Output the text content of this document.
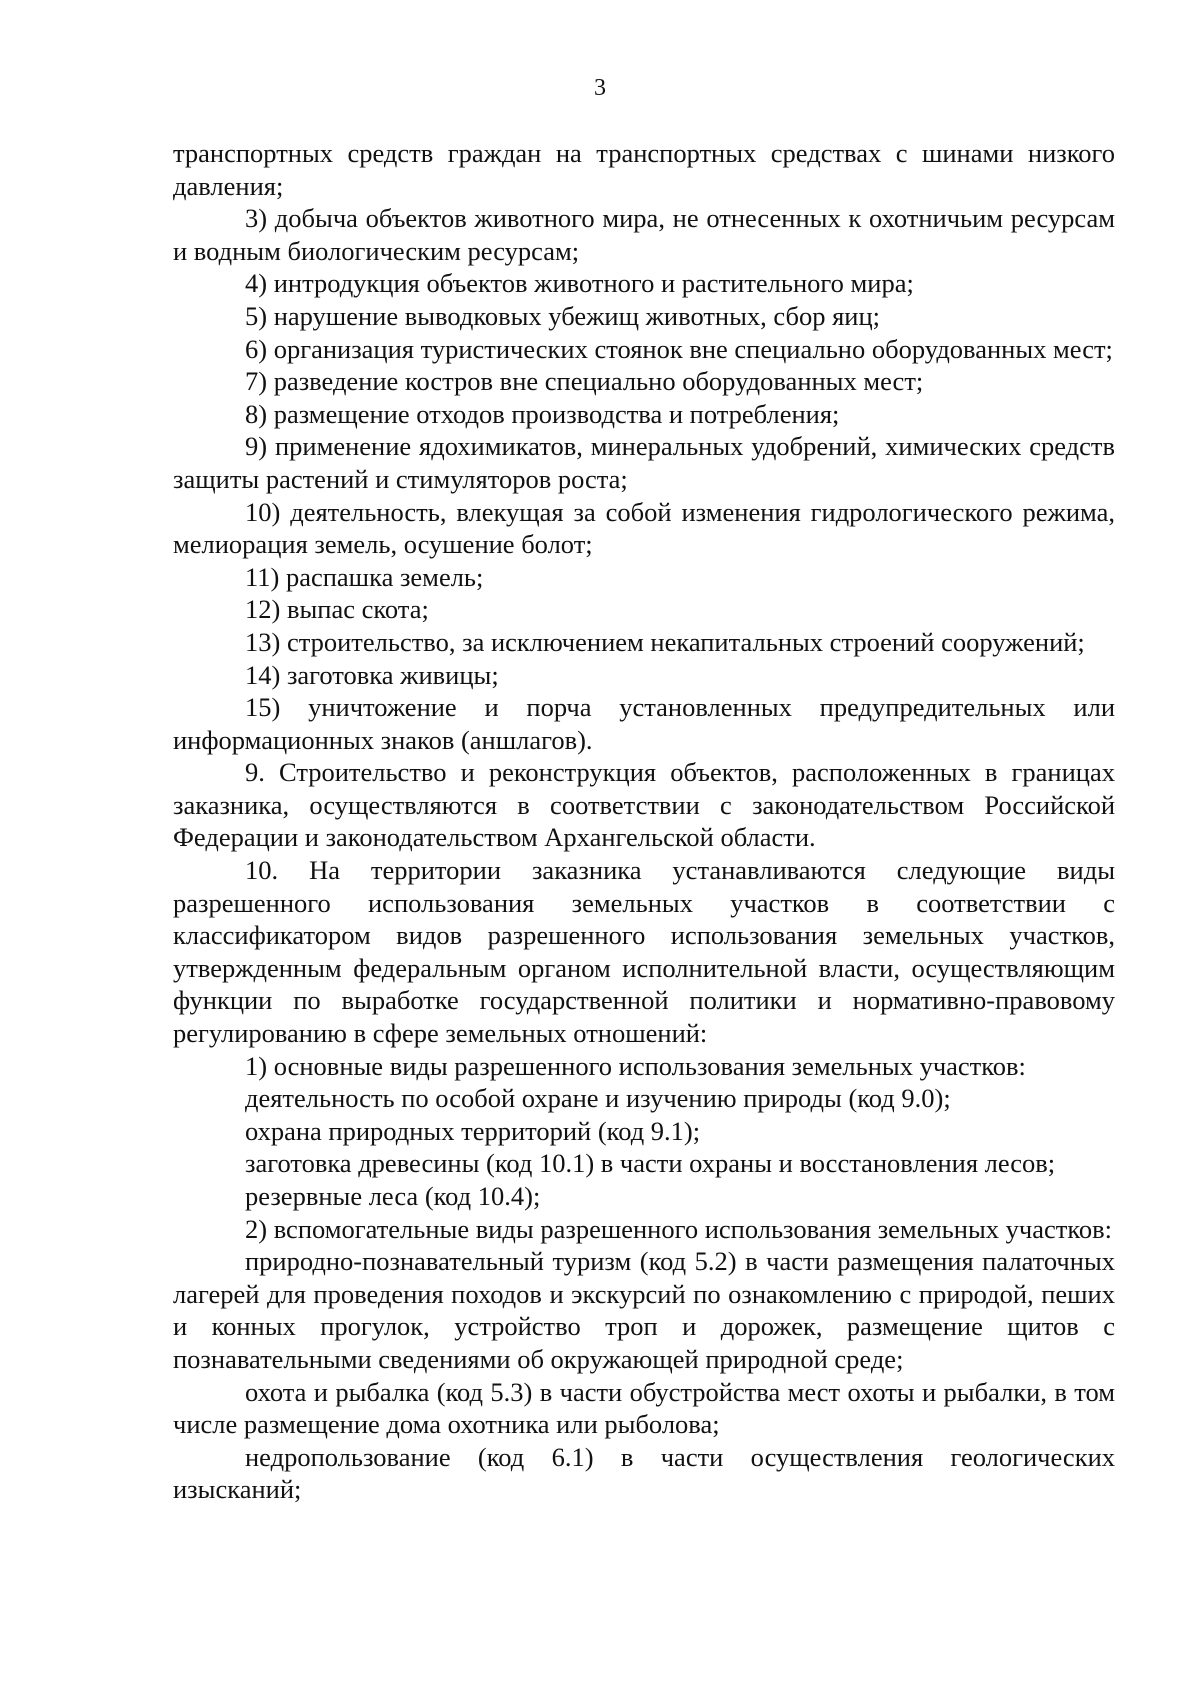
3

транспортных средств граждан на транспортных средствах с шинами низкого давления;

3) добыча объектов животного мира, не отнесенных к охотничьим ресурсам и водным биологическим ресурсам;

4) интродукция объектов животного и растительного мира;

5) нарушение выводковых убежищ животных, сбор яиц;

6) организация туристических стоянок вне специально оборудованных мест;

7) разведение костров вне специально оборудованных мест;

8) размещение отходов производства и потребления;

9) применение ядохимикатов, минеральных удобрений, химических средств защиты растений и стимуляторов роста;

10) деятельность, влекущая за собой изменения гидрологического режима, мелиорация земель, осушение болот;

11) распашка земель;

12) выпас скота;

13) строительство, за исключением некапитальных строений сооружений;

14) заготовка живицы;

15) уничтожение и порча установленных предупредительных или информационных знаков (аншлагов).

9. Строительство и реконструкция объектов, расположенных в границах заказника, осуществляются в соответствии с законодательством Российской Федерации и законодательством Архангельской области.

10. На территории заказника устанавливаются следующие виды разрешенного использования земельных участков в соответствии с классификатором видов разрешенного использования земельных участков, утвержденным федеральным органом исполнительной власти, осуществляющим функции по выработке государственной политики и нормативно-правовому регулированию в сфере земельных отношений:

1) основные виды разрешенного использования земельных участков:

деятельность по особой охране и изучению природы (код 9.0);

охрана природных территорий (код 9.1);

заготовка древесины (код 10.1) в части охраны и восстановления лесов;

резервные леса (код 10.4);

2) вспомогательные виды разрешенного использования земельных участков:

природно-познавательный туризм (код 5.2) в части размещения палаточных лагерей для проведения походов и экскурсий по ознакомлению с природой, пеших и конных прогулок, устройство троп и дорожек, размещение щитов с познавательными сведениями об окружающей природной среде;

охота и рыбалка (код 5.3) в части обустройства мест охоты и рыбалки, в том числе размещение дома охотника или рыболова;

недропользование (код 6.1) в части осуществления геологических изысканий;
